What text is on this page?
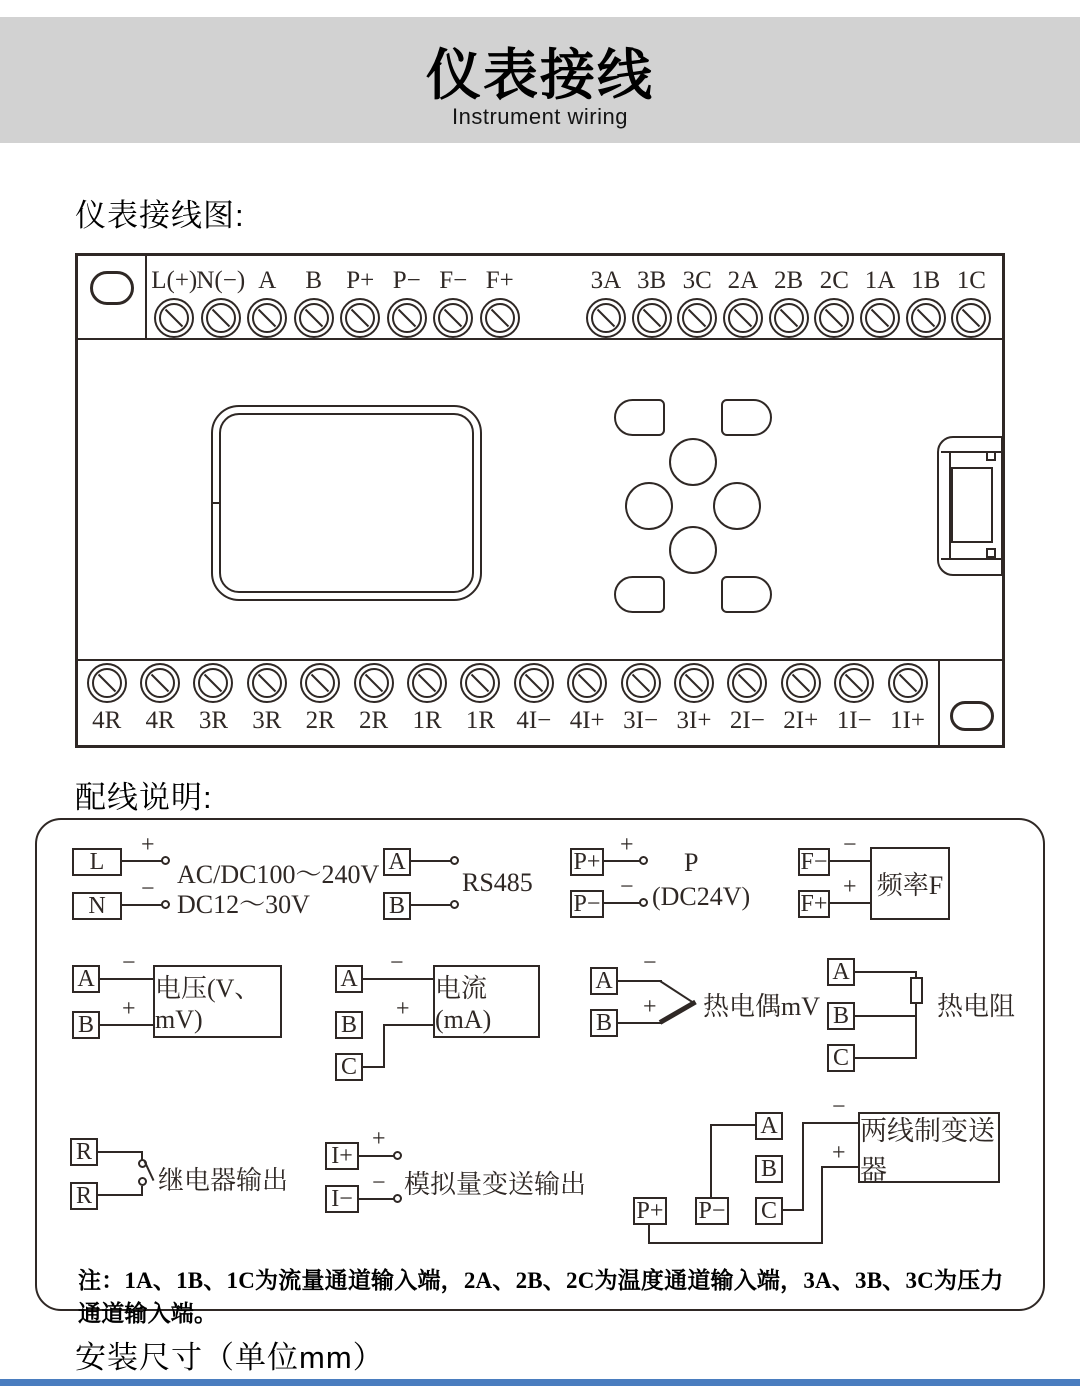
仪表接线
Instrument wiring
仪表接线图:
L(+) N(−) A B P+ P− F− F+	3A 3B 3C 2A 2B 2C 1A 1B 1C
4R 4R 3R 3R 2R 2R 1R 1R 4I− 4I+ 3I− 3I+ 2I− 2I+ 1I− 1I+
配线说明:
L
+
N
− AC/DC100～240V
DC12～30V
A
B
RS485
P+
+
P−
−
P
(DC24V)
F−
−
F+
+ 频率F
A
−
B
+
电压(V、mV)
A
−
B
C
+
电流(mA)
A
−
B
+ 热电偶mV
A
B
C
热电阻
R
R
继电器输出
I+
+
I−
− 模拟量变送输出
P+ P−
A
B
C
两线制变送器
−
+
注：1A、1B、1C为流量通道输入端，2A、2B、2C为温度通道输入端，3A、3B、3C为压力通道输入端。
安装尺寸（单位mm）
